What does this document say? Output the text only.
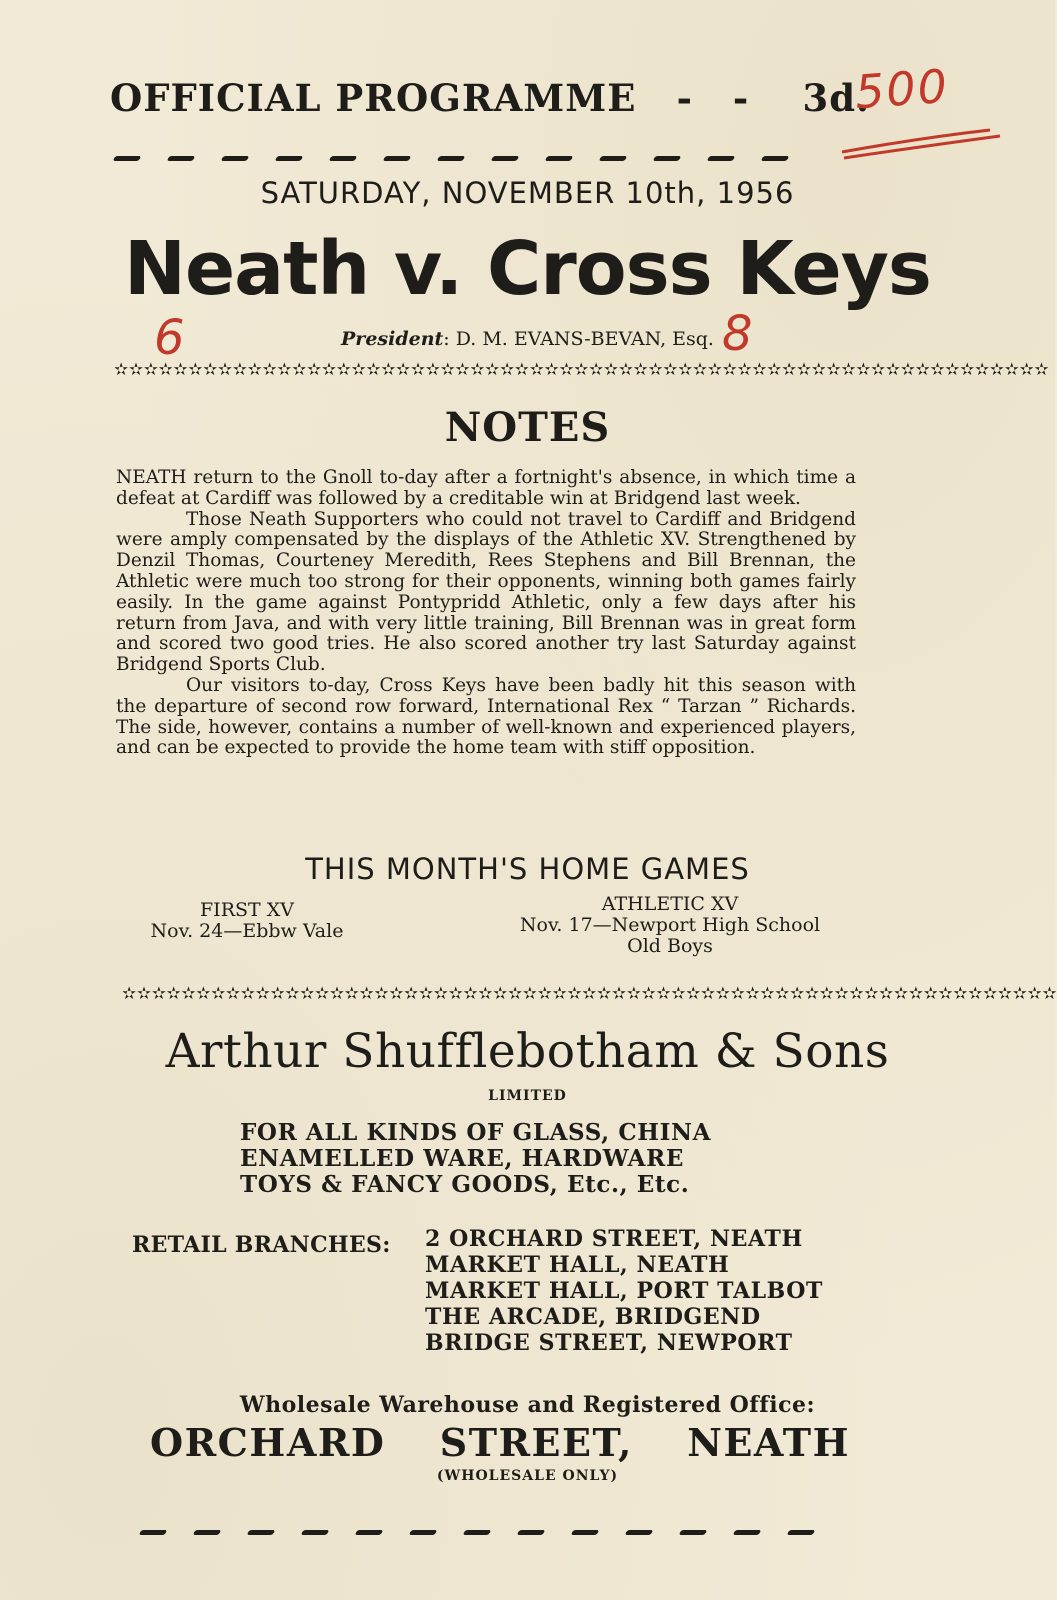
OFFICIAL PROGRAMME - - 3d.
500
SATURDAY, NOVEMBER 10th, 1956
Neath v. Cross Keys
6	President: D. M. EVANS-BEVAN, Esq. 8
✫✫✫✫✫✫✫✫✫✫✫✫✫✫✫✫✫✫✫✫✫✫✫✫✫✫✫✫✫✫✫✫✫✫✫✫✫✫✫✫✫✫✫✫✫✫✫✫✫✫✫✫✫✫✫✫✫✫✫✫✫✫✫
NOTES

NEATH return to the Gnoll to-day after a fortnight's absence, in which time a defeat at Cardiff was followed by a creditable win at Bridgend last week.

Those Neath Supporters who could not travel to Cardiff and Bridgend were amply compensated by the displays of the Athletic XV. Strengthened by Denzil Thomas, Courteney Meredith, Rees Stephens and Bill Brennan, the Athletic were much too strong for their opponents, winning both games fairly easily. In the game against Pontypridd Athletic, only a few days after his return from Java, and with very little training, Bill Brennan was in great form and scored two good tries. He also scored another try last Saturday against Bridgend Sports Club.

Our visitors to-day, Cross Keys have been badly hit this season with the departure of second row forward, International Rex “ Tarzan ” Richards. The side, however, contains a number of well-known and experienced players, and can be expected to provide the home team with stiff opposition.

THIS MONTH'S HOME GAMES
FIRST XV
Nov. 24—Ebbw Vale
ATHLETIC XV
Nov. 17—Newport High School
Old Boys
✫✫✫✫✫✫✫✫✫✫✫✫✫✫✫✫✫✫✫✫✫✫✫✫✫✫✫✫✫✫✫✫✫✫✫✫✫✫✫✫✫✫✫✫✫✫✫✫✫✫✫✫✫✫✫✫✫✫✫✫✫✫✫
Arthur Shufflebotham & Sons
LIMITED
FOR ALL KINDS OF GLASS, CHINA
ENAMELLED WARE, HARDWARE
TOYS & FANCY GOODS, Etc., Etc.
RETAIL BRANCHES: 2 ORCHARD STREET, NEATH
MARKET HALL, NEATH
MARKET HALL, PORT TALBOT
THE ARCADE, BRIDGEND
BRIDGE STREET, NEWPORT
Wholesale Warehouse and Registered Office:
ORCHARD STREET, NEATH
(WHOLESALE ONLY)
